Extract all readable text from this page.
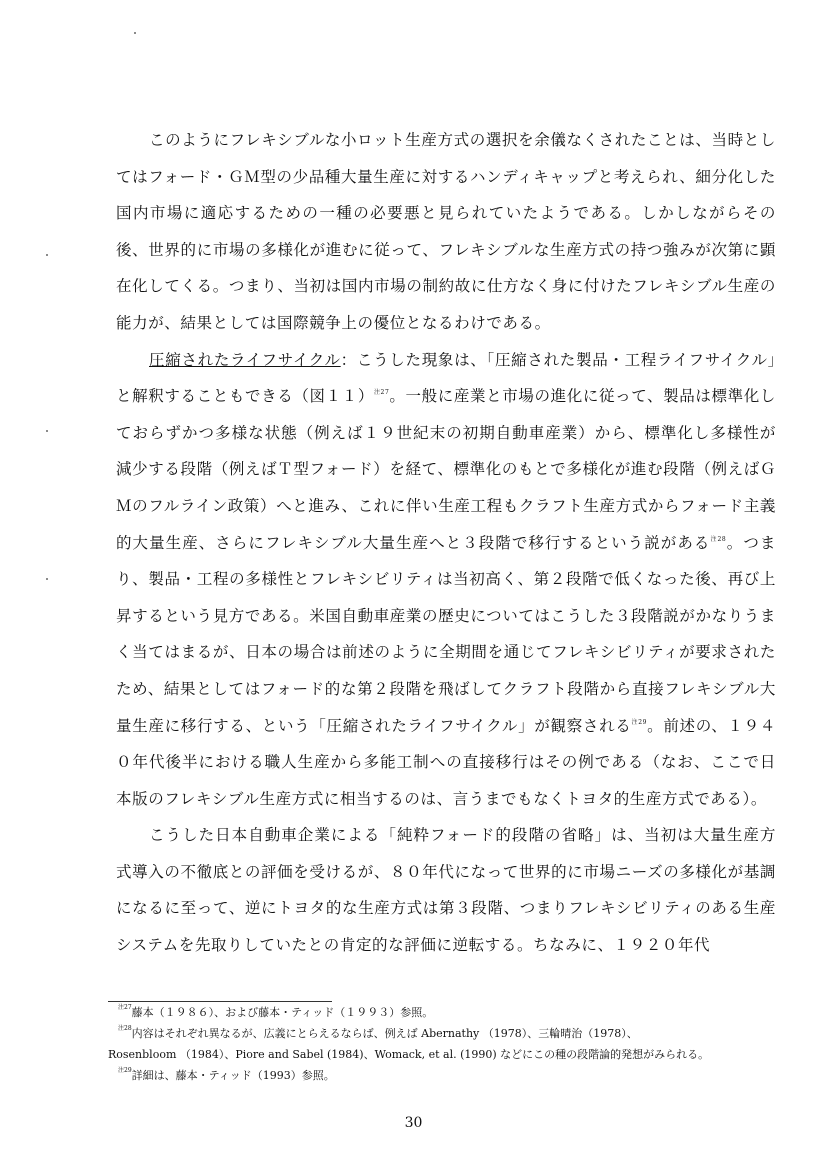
このようにフレキシブルな小ロット生産方式の選択を余儀なくされたことは、当時としてはフォード・ＧＭ型の少品種大量生産に対するハンディキャップと考えられ、細分化した国内市場に適応するための一種の必要悪と見られていたようである。しかしながらその後、世界的に市場の多様化が進むに従って、フレキシブルな生産方式の持つ強みが次第に顕在化してくる。つまり、当初は国内市場の制約故に仕方なく身に付けたフレキシブル生産の能力が、結果としては国際競争上の優位となるわけである。

圧縮されたライフサイクル：こうした現象は、「圧縮された製品・工程ライフサイクル」と解釈することもできる（図１１）$^{注27}$。一般に産業と市場の進化に従って、製品は標準化しておらずかつ多様な状態（例えば１９世紀末の初期自動車産業）から、標準化し多様性が減少する段階（例えばＴ型フォード）を経て、標準化のもとで多様化が進む段階（例えばＧＭのフルライン政策）へと進み、これに伴い生産工程もクラフト生産方式からフォード主義的大量生産、さらにフレキシブル大量生産へと３段階で移行するという説がある$^{注28}$。つまり、製品・工程の多様性とフレキシビリティは当初高く、第２段階で低くなった後、再び上昇するという見方である。米国自動車産業の歴史についてはこうした３段階説がかなりうまく当てはまるが、日本の場合は前述のように全期間を通じてフレキシビリティが要求されたため、結果としてはフォード的な第２段階を飛ばしてクラフト段階から直接フレキシブル大量生産に移行する、という「圧縮されたライフサイクル」が観察される$^{注29}$。前述の、１９４０年代後半における職人生産から多能工制への直接移行はその例である（なお、ここで日本版のフレキシブル生産方式に相当するのは、言うまでもなくトヨタ的生産方式である）。

こうした日本自動車企業による「純粋フォード的段階の省略」は、当初は大量生産方式導入の不徹底との評価を受けるが、８０年代になって世界的に市場ニーズの多様化が基調になるに至って、逆にトヨタ的な生産方式は第３段階、つまりフレキシビリティのある生産システムを先取りしていたとの肯定的な評価に逆転する。ちなみに、１９２０年代

$^{注27}$藤本（１９８６）、および藤本・ティッド（１９９３）参照。

$^{注28}$内容はそれぞれ異なるが、広義にとらえるならば、例えば Abernathy （1978）、三輪晴治（1978）、

Rosenbloom （1984）、Piore and Sabel (1984)、Womack, et al. (1990) などにこの種の段階論的発想がみられる。

$^{注29}$詳細は、藤本・ティッド（1993）参照。

30
